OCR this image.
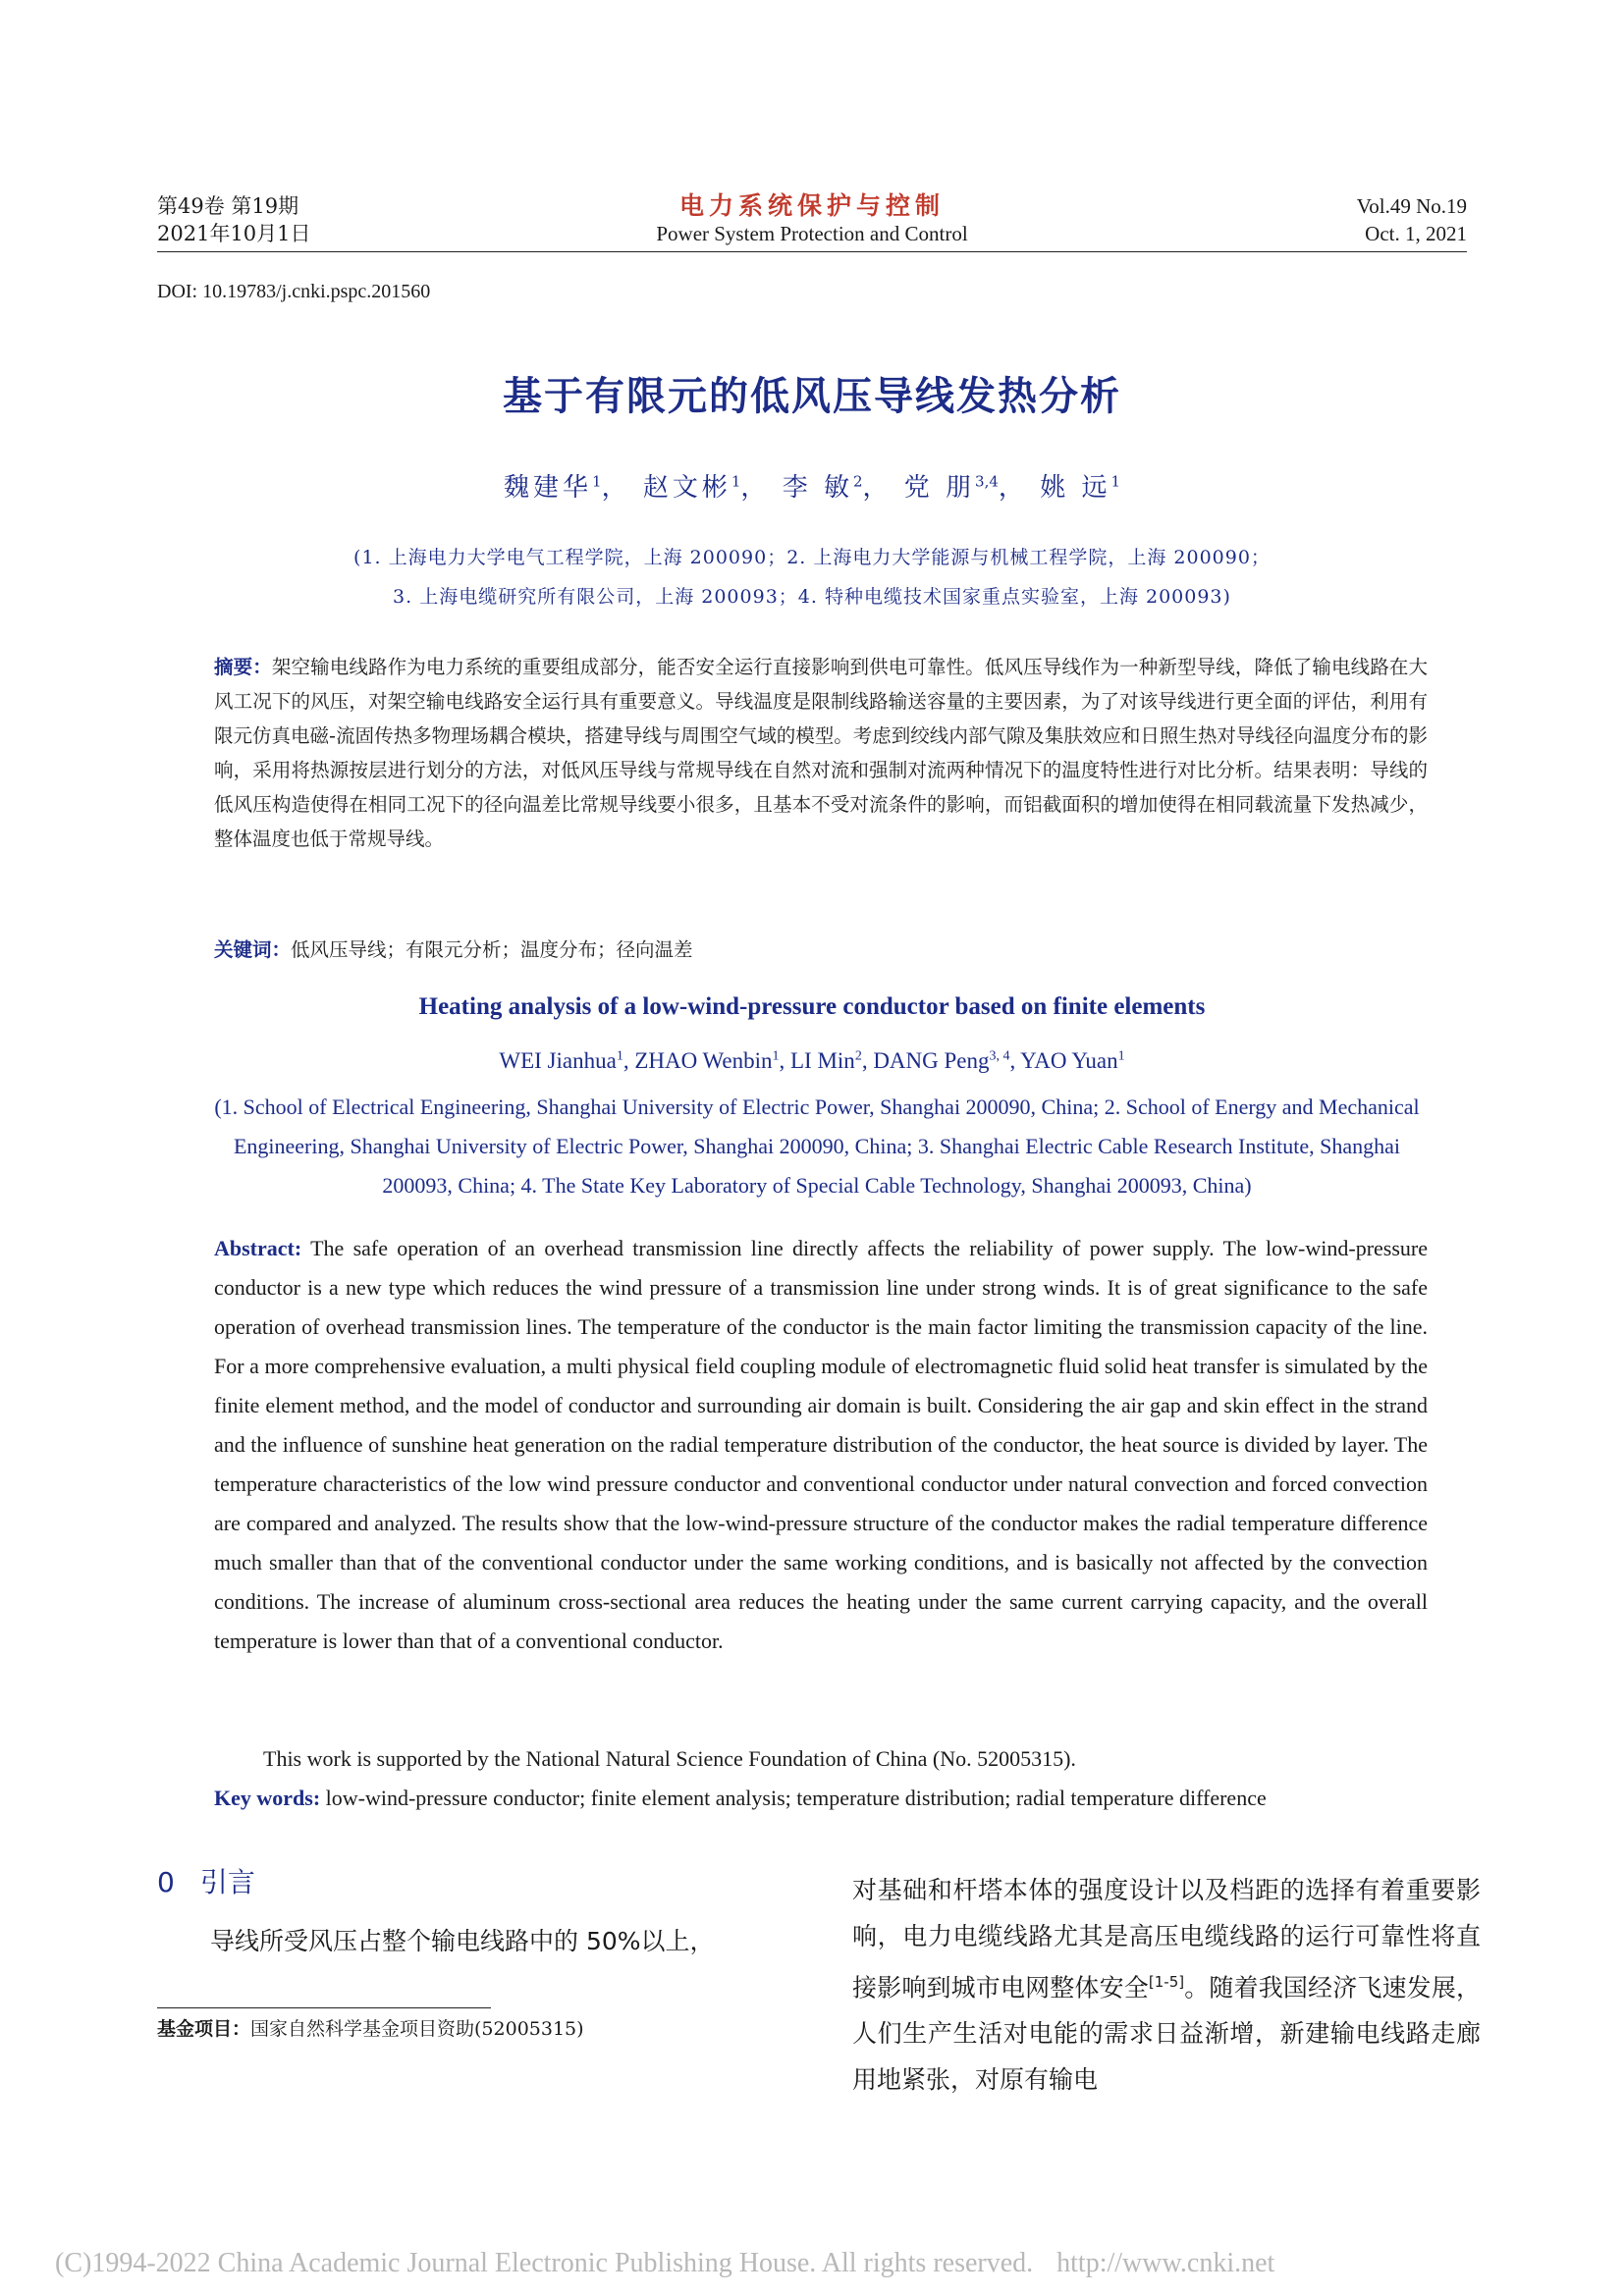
第49卷 第19期
2021年10月1日
电力系统保护与控制
Power System Protection and Control
Vol.49 No.19
Oct. 1, 2021
DOI: 10.19783/j.cnki.pspc.201560
基于有限元的低风压导线发热分析
魏建华$^1$， 赵文彬$^1$， 李 敏$^2$， 党 朋$^{3,4}$， 姚 远$^1$
(1. 上海电力大学电气工程学院，上海 200090；2. 上海电力大学能源与机械工程学院，上海 200090；
3. 上海电缆研究所有限公司，上海 200093；4. 特种电缆技术国家重点实验室，上海 200093)
摘要：架空输电线路作为电力系统的重要组成部分，能否安全运行直接影响到供电可靠性。低风压导线作为一种新型导线，降低了输电线路在大风工况下的风压，对架空输电线路安全运行具有重要意义。导线温度是限制线路输送容量的主要因素，为了对该导线进行更全面的评估，利用有限元仿真电磁-流固传热多物理场耦合模块，搭建导线与周围空气域的模型。考虑到绞线内部气隙及集肤效应和日照生热对导线径向温度分布的影响，采用将热源按层进行划分的方法，对低风压导线与常规导线在自然对流和强制对流两种情况下的温度特性进行对比分析。结果表明：导线的低风压构造使得在相同工况下的径向温差比常规导线要小很多，且基本不受对流条件的影响，而铝截面积的增加使得在相同载流量下发热减少，整体温度也低于常规导线。
关键词：低风压导线；有限元分析；温度分布；径向温差
Heating analysis of a low-wind-pressure conductor based on finite elements
WEI Jianhua$^1$, ZHAO Wenbin$^1$, LI Min$^2$, DANG Peng$^{3, 4}$, YAO Yuan$^1$
(1. School of Electrical Engineering, Shanghai University of Electric Power, Shanghai 200090, China; 2. School of Energy and Mechanical Engineering, Shanghai University of Electric Power, Shanghai 200090, China; 3. Shanghai Electric Cable Research Institute, Shanghai 200093, China; 4. The State Key Laboratory of Special Cable Technology, Shanghai 200093, China)
Abstract: The safe operation of an overhead transmission line directly affects the reliability of power supply. The low-wind-pressure conductor is a new type which reduces the wind pressure of a transmission line under strong winds. It is of great significance to the safe operation of overhead transmission lines. The temperature of the conductor is the main factor limiting the transmission capacity of the line. For a more comprehensive evaluation, a multi physical field coupling module of electromagnetic fluid solid heat transfer is simulated by the finite element method, and the model of conductor and surrounding air domain is built. Considering the air gap and skin effect in the strand and the influence of sunshine heat generation on the radial temperature distribution of the conductor, the heat source is divided by layer. The temperature characteristics of the low wind pressure conductor and conventional conductor under natural convection and forced convection are compared and analyzed. The results show that the low-wind-pressure structure of the conductor makes the radial temperature difference much smaller than that of the conventional conductor under the same working conditions, and is basically not affected by the convection conditions. The increase of aluminum cross-sectional area reduces the heating under the same current carrying capacity, and the overall temperature is lower than that of a conventional conductor.
This work is supported by the National Natural Science Foundation of China (No. 52005315).
Key words: low-wind-pressure conductor; finite element analysis; temperature distribution; radial temperature difference
0 引言
导线所受风压占整个输电线路中的 50%以上，
基金项目：国家自然科学基金项目资助(52005315)
对基础和杆塔本体的强度设计以及档距的选择有着重要影响，电力电缆线路尤其是高压电缆线路的运行可靠性将直接影响到城市电网整体安全[1-5]。随着我国经济飞速发展，人们生产生活对电能的需求日益渐增，新建输电线路走廊用地紧张，对原有输电
(C)1994-2022 China Academic Journal Electronic Publishing House. All rights reserved. http://www.cnki.net
